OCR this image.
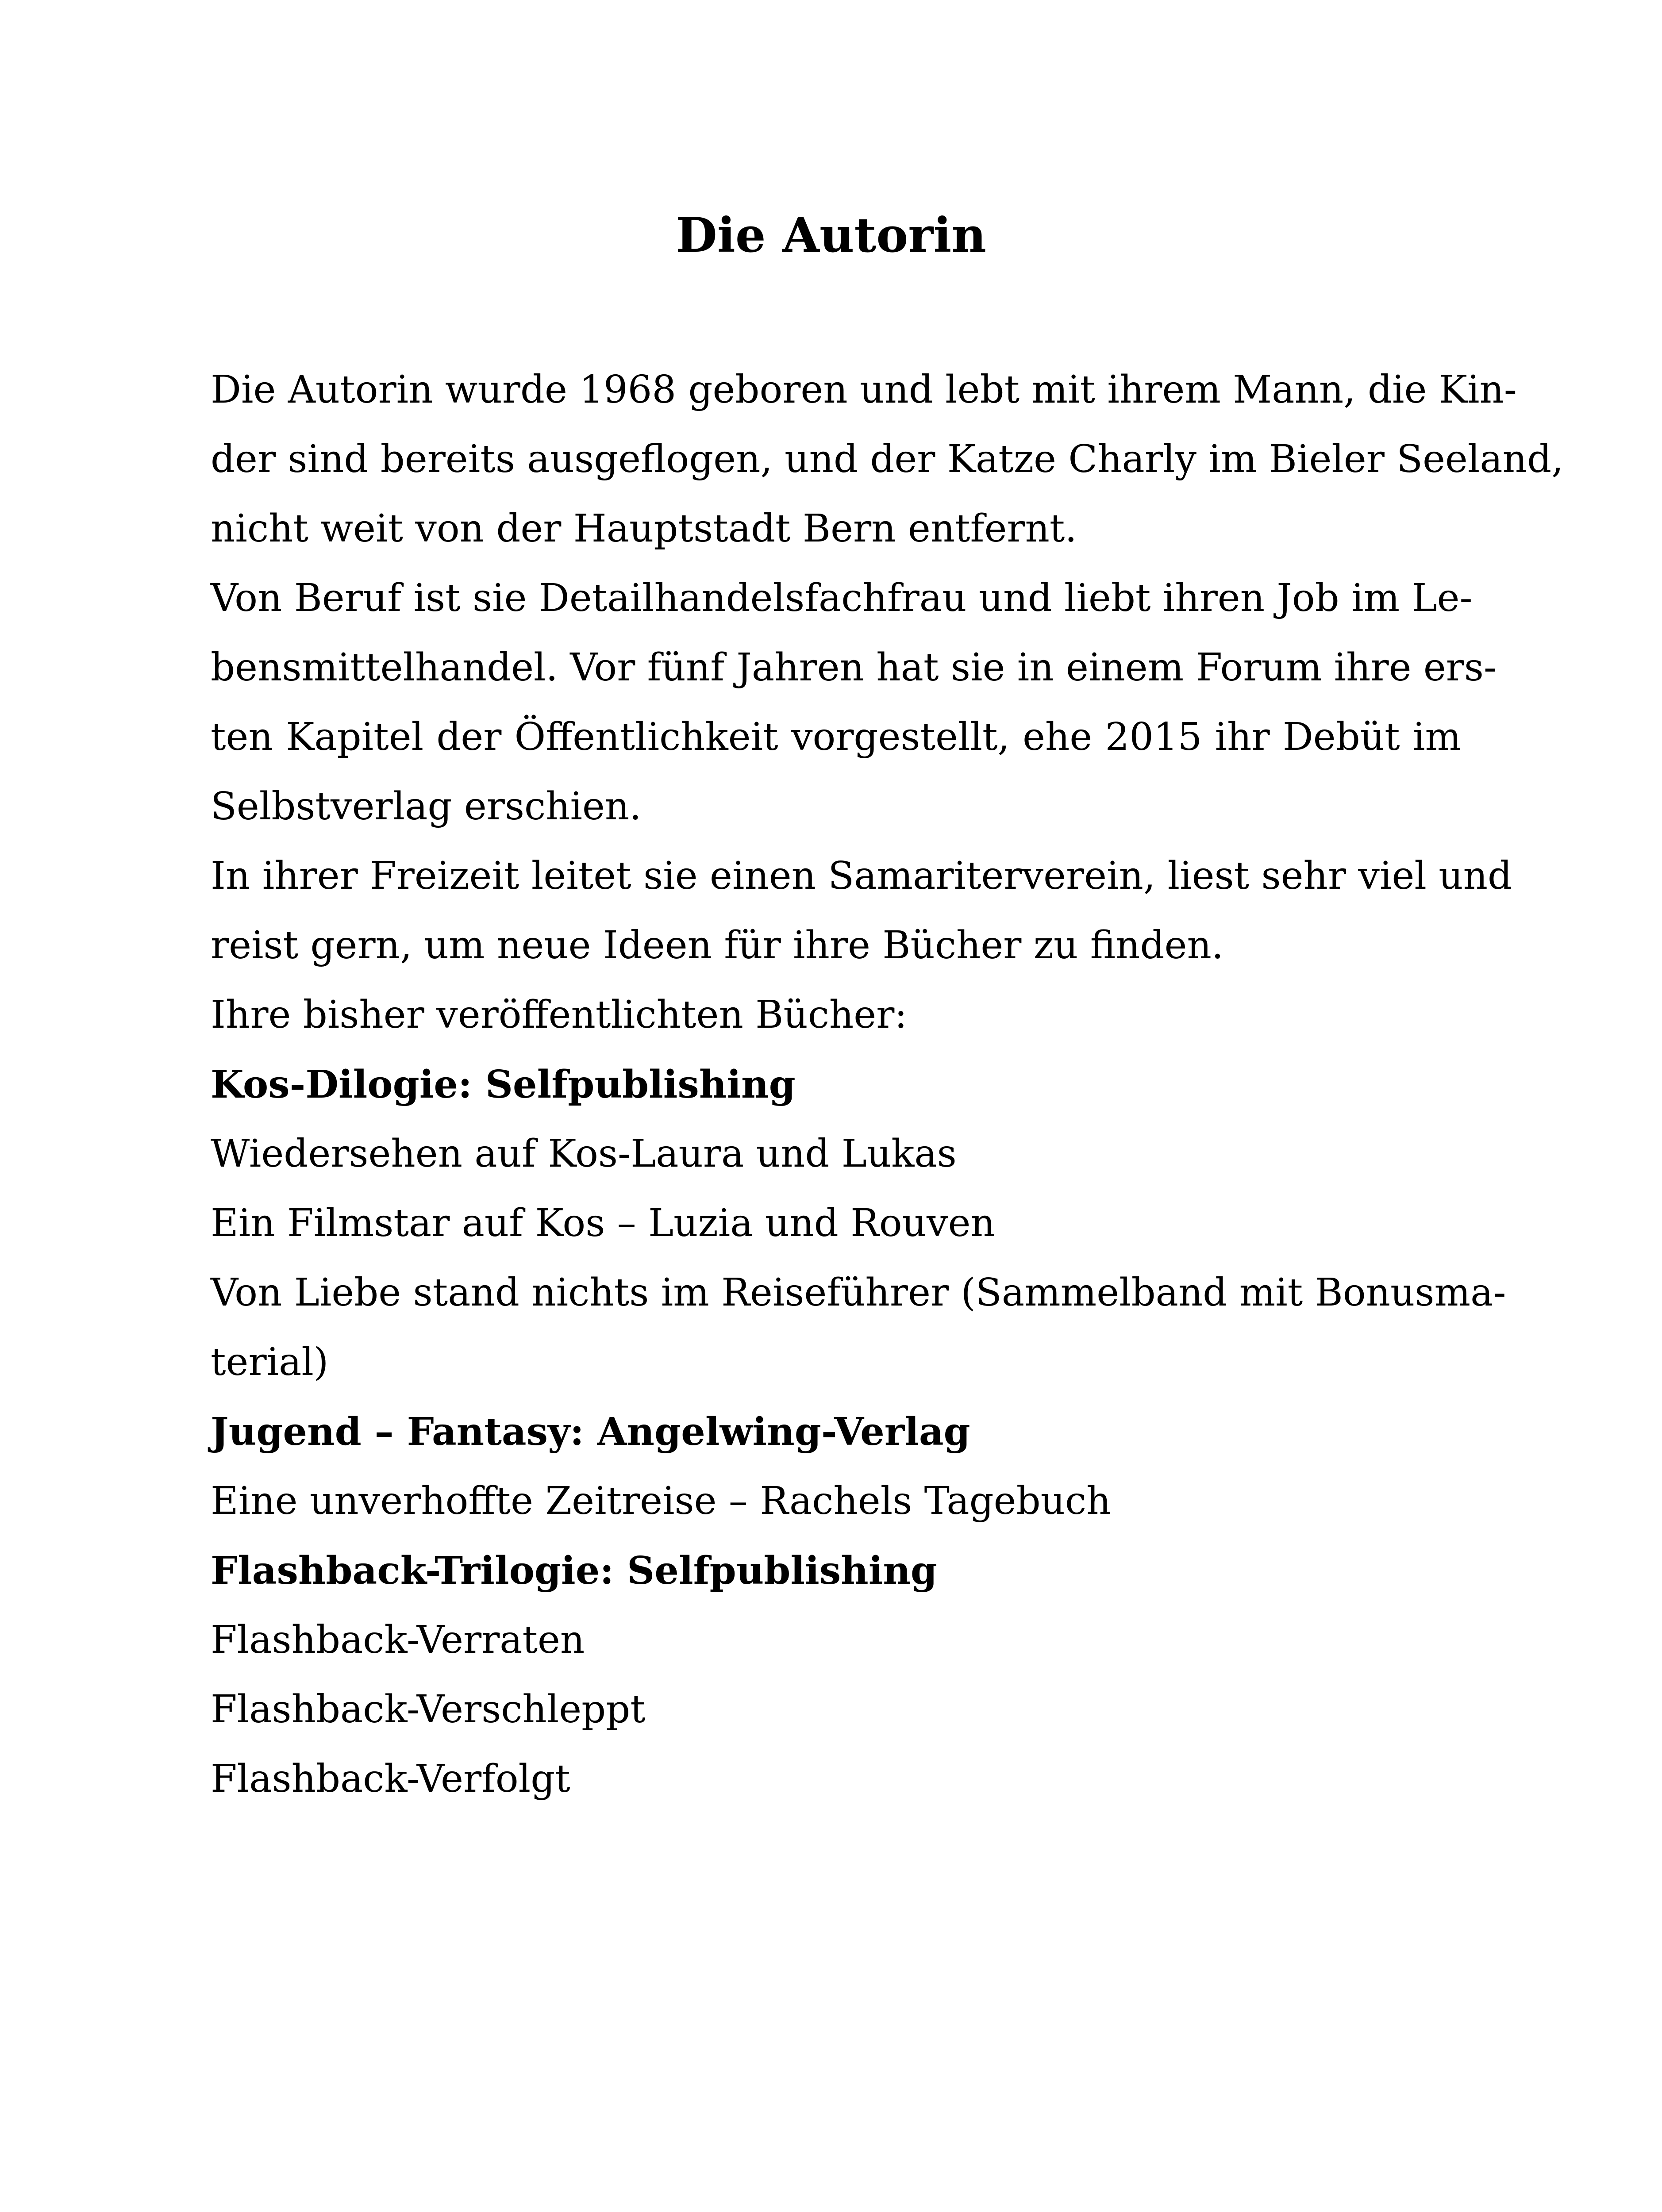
Die Autorin
Die Autorin wurde 1968 geboren und lebt mit ihrem Mann, die Kin-
der sind bereits ausgeflogen, und der Katze Charly im Bieler Seeland,
nicht weit von der Hauptstadt Bern entfernt.
Von Beruf ist sie Detailhandelsfachfrau und liebt ihren Job im Le-
bensmittelhandel. Vor fünf Jahren hat sie in einem Forum ihre ers-
ten Kapitel der Öffentlichkeit vorgestellt, ehe 2015 ihr Debüt im
Selbstverlag erschien.
In ihrer Freizeit leitet sie einen Samariterverein, liest sehr viel und
reist gern, um neue Ideen für ihre Bücher zu finden.
Ihre bisher veröffentlichten Bücher:
Kos-Dilogie: Selfpublishing
Wiedersehen auf Kos-Laura und Lukas
Ein Filmstar auf Kos – Luzia und Rouven
Von Liebe stand nichts im Reiseführer (Sammelband mit Bonusma-
terial)
Jugend – Fantasy: Angelwing-Verlag
Eine unverhoffte Zeitreise – Rachels Tagebuch
Flashback-Trilogie: Selfpublishing
Flashback-Verraten
Flashback-Verschleppt
Flashback-Verfolgt
